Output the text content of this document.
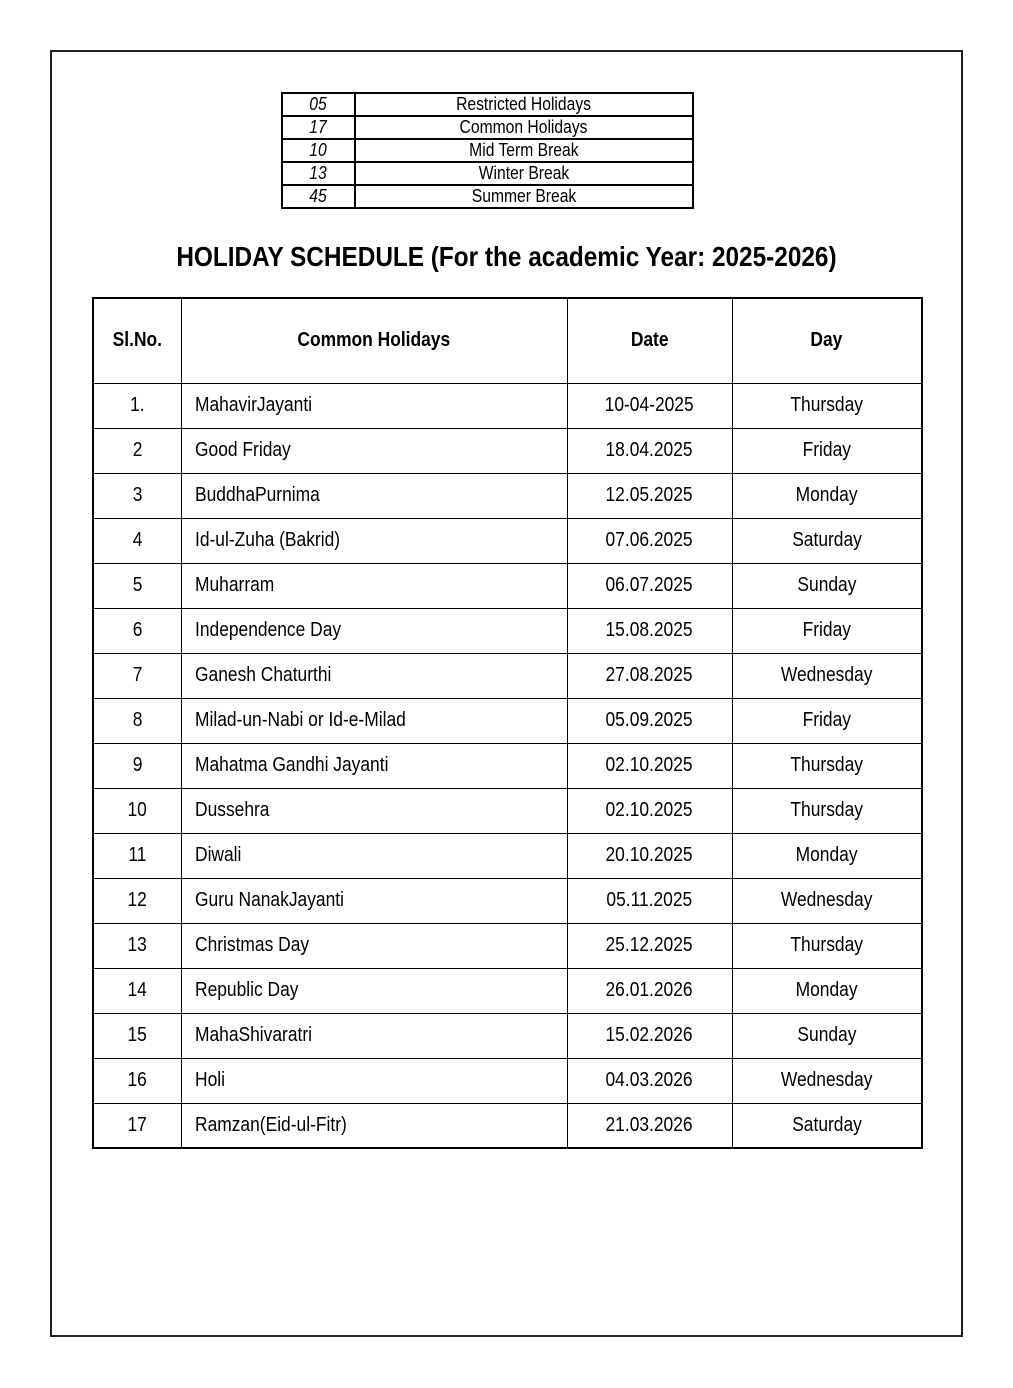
05	Restricted Holidays
17	Common Holidays
10	Mid Term Break
13	Winter Break
45	Summer Break
HOLIDAY SCHEDULE (For the academic Year: 2025-2026)
Sl.No.	Common Holidays	Date	Day
1.	MahavirJayanti	10-04-2025	Thursday
2	Good Friday	18.04.2025	Friday
3	BuddhaPurnima	12.05.2025	Monday
4	Id-ul-Zuha (Bakrid)	07.06.2025	Saturday
5	Muharram	06.07.2025	Sunday
6	Independence Day	15.08.2025	Friday
7	Ganesh Chaturthi	27.08.2025	Wednesday
8	Milad-un-Nabi or Id-e-Milad	05.09.2025	Friday
9	Mahatma Gandhi Jayanti	02.10.2025	Thursday
10	Dussehra	02.10.2025	Thursday
11	Diwali	20.10.2025	Monday
12	Guru NanakJayanti	05.11.2025	Wednesday
13	Christmas Day	25.12.2025	Thursday
14	Republic Day	26.01.2026	Monday
15	MahaShivaratri	15.02.2026	Sunday
16	Holi	04.03.2026	Wednesday
17	Ramzan(Eid-ul-Fitr)	21.03.2026	Saturday
